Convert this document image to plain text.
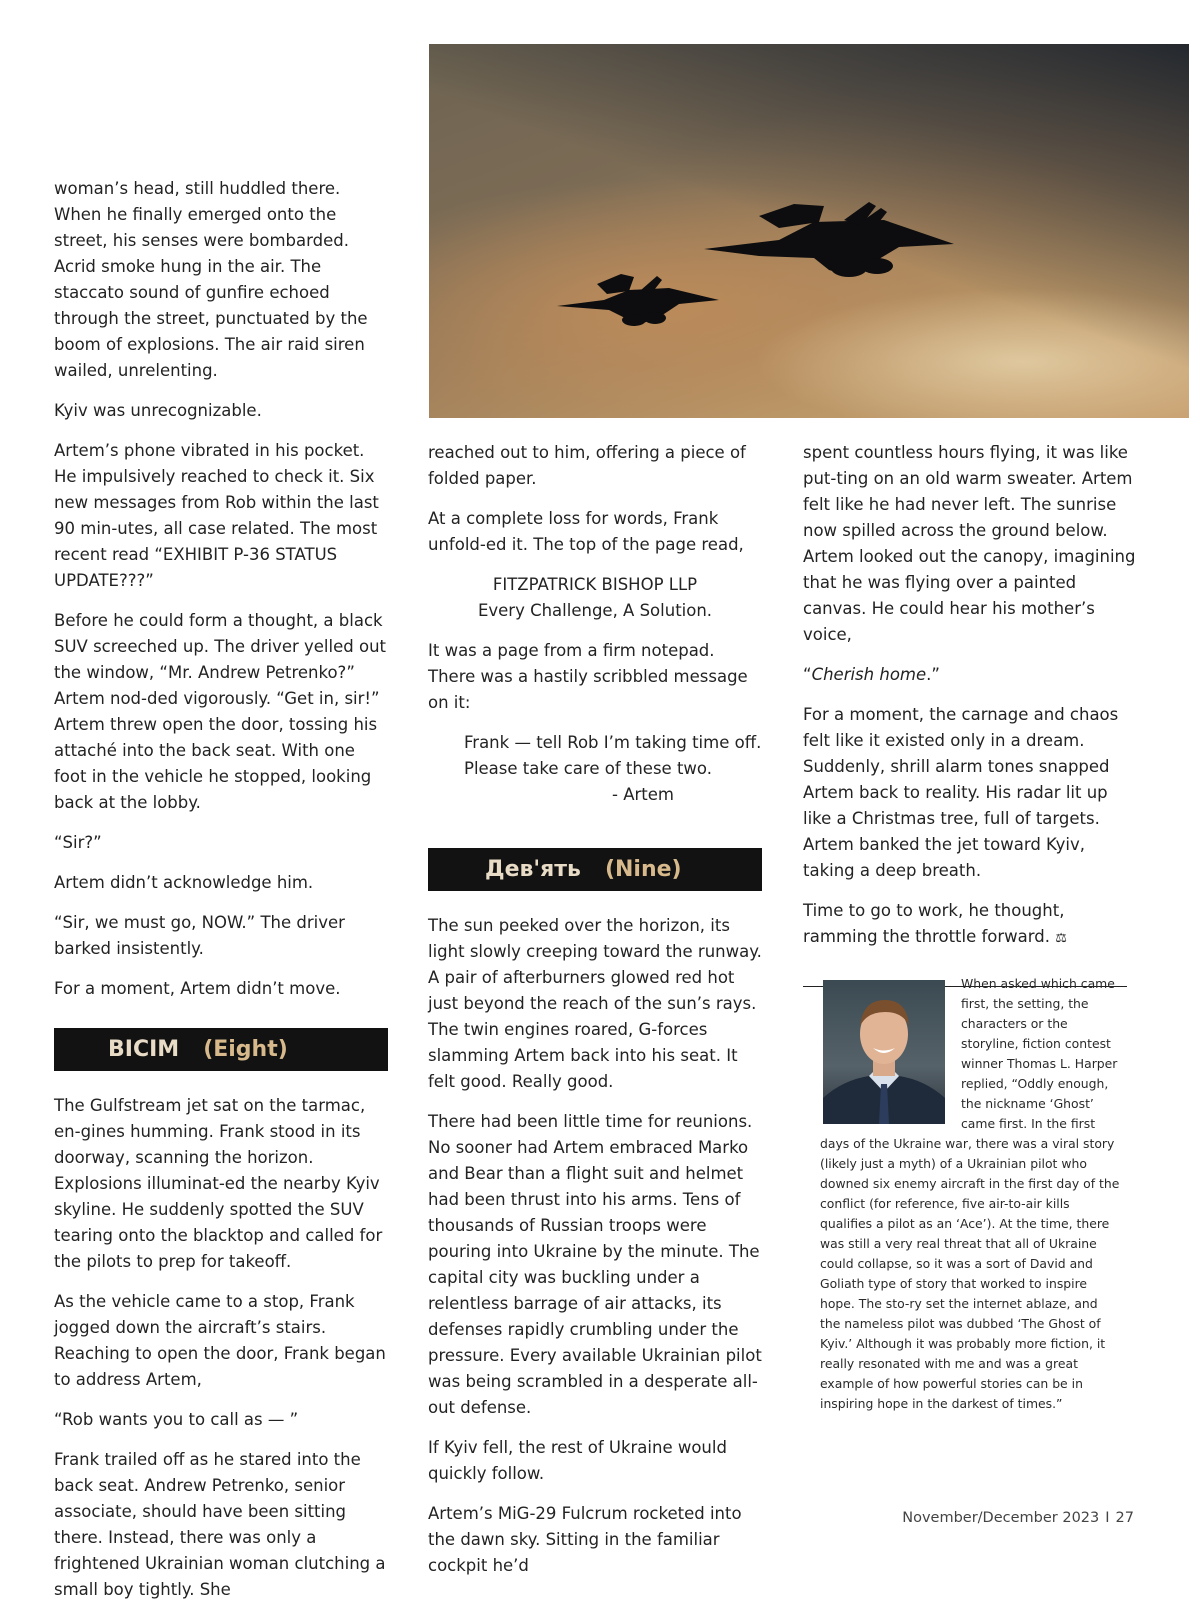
woman’s head, still huddled there. When he finally emerged onto the street, his senses were bombarded. Acrid smoke hung in the air. The staccato sound of gunfire echoed through the street, punctuated by the boom of explosions. The air raid siren wailed, unrelenting.

Kyiv was unrecognizable.

Artem’s phone vibrated in his pocket. He impulsively reached to check it. Six new messages from Rob within the last 90 min-utes, all case related. The most recent read “EXHIBIT P-36 STATUS UPDATE???”

Before he could form a thought, a black SUV screeched up. The driver yelled out the window, “Mr. Andrew Petrenko?” Artem nod-ded vigorously. “Get in, sir!” Artem threw open the door, tossing his attaché into the back seat. With one foot in the vehicle he stopped, looking back at the lobby.

“Sir?”

Artem didn’t acknowledge him.

“Sir, we must go, NOW.” The driver barked insistently.

For a moment, Artem didn’t move.

ВІСІМ (Eight)

The Gulfstream jet sat on the tarmac, en-gines humming. Frank stood in its doorway, scanning the horizon. Explosions illuminat-ed the nearby Kyiv skyline. He suddenly spotted the SUV tearing onto the blacktop and called for the pilots to prep for takeoff.

As the vehicle came to a stop, Frank jogged down the aircraft’s stairs. Reaching to open the door, Frank began to address Artem,

“Rob wants you to call as — ”

Frank trailed off as he stared into the back seat. Andrew Petrenko, senior associate, should have been sitting there. Instead, there was only a frightened Ukrainian woman clutching a small boy tightly. She

reached out to him, offering a piece of folded paper.

At a complete loss for words, Frank unfold-ed it. The top of the page read,

FITZPATRICK BISHOP LLP
Every Challenge, A Solution.

It was a page from a firm notepad. There was a hastily scribbled message on it:

Frank — tell Rob I’m taking time off.
Please take care of these two.
- Artem
Дев'ять (Nine)

The sun peeked over the horizon, its light slowly creeping toward the runway. A pair of afterburners glowed red hot just beyond the reach of the sun’s rays. The twin engines roared, G-forces slamming Artem back into his seat. It felt good. Really good.

There had been little time for reunions. No sooner had Artem embraced Marko and Bear than a flight suit and helmet had been thrust into his arms. Tens of thousands of Russian troops were pouring into Ukraine by the minute. The capital city was buckling under a relentless barrage of air attacks, its defenses rapidly crumbling under the pressure. Every available Ukrainian pilot was being scrambled in a desperate all-out defense.

If Kyiv fell, the rest of Ukraine would quickly follow.

Artem’s MiG-29 Fulcrum rocketed into the dawn sky. Sitting in the familiar cockpit he’d

spent countless hours flying, it was like put-ting on an old warm sweater. Artem felt like he had never left. The sunrise now spilled across the ground below. Artem looked out the canopy, imagining that he was flying over a painted canvas. He could hear his mother’s voice,

“Cherish home.”

For a moment, the carnage and chaos felt like it existed only in a dream. Suddenly, shrill alarm tones snapped Artem back to reality. His radar lit up like a Christmas tree, full of targets. Artem banked the jet toward Kyiv, taking a deep breath.

Time to go to work, he thought, ramming the throttle forward. ⚖

When asked which came first, the setting, the characters or the storyline, fiction contest winner Thomas L. Harper replied, “Oddly enough, the nickname ‘Ghost’ came first. In the first days of the Ukraine war, there was a viral story (likely just a myth) of a Ukrainian pilot who downed six enemy aircraft in the first day of the conflict (for reference, five air-to-air kills qualifies a pilot as an ‘Ace’). At the time, there was still a very real threat that all of Ukraine could collapse, so it was a sort of David and Goliath type of story that worked to inspire hope. The sto-ry set the internet ablaze, and the nameless pilot was dubbed ‘The Ghost of Kyiv.’ Although it was probably more fiction, it really resonated with me and was a great example of how powerful stories can be in inspiring hope in the darkest of times.”
November/December 2023 I 27
